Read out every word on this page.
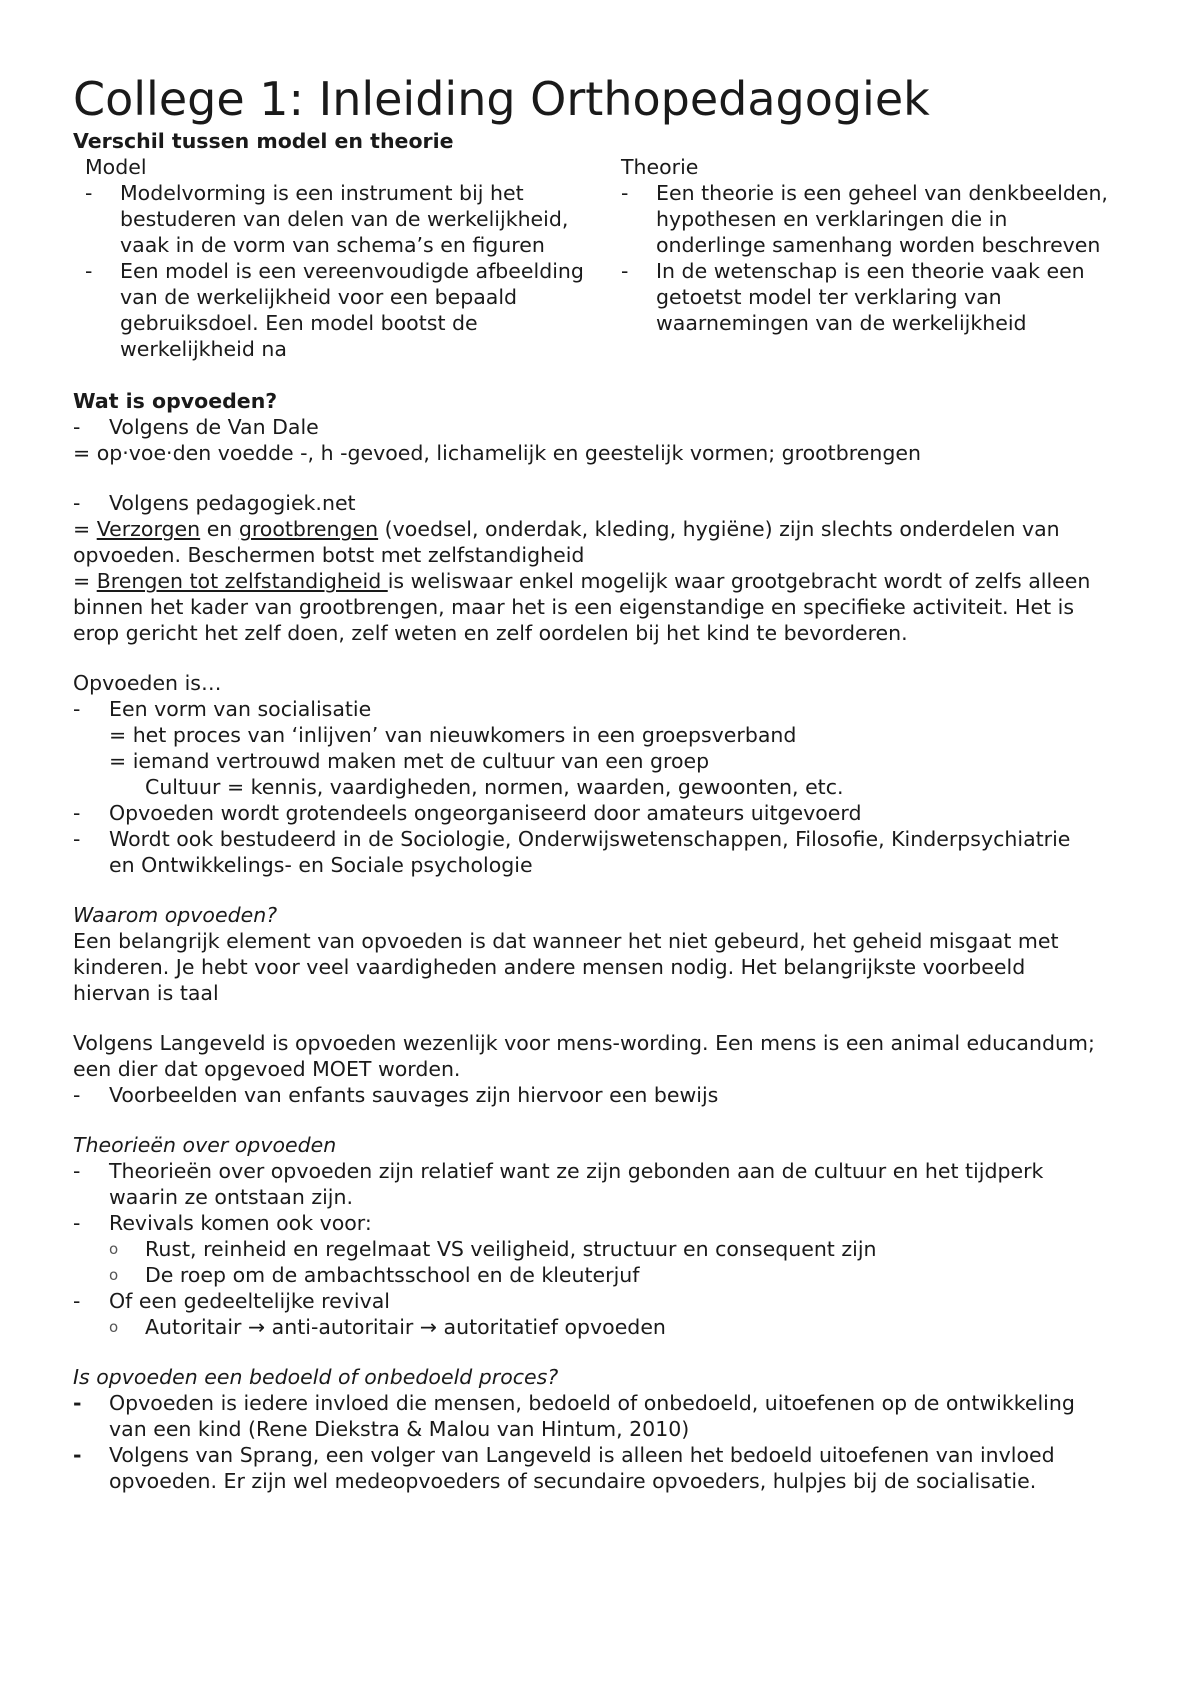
College 1: Inleiding Orthopedagogiek

Verschil tussen model en theorie

Model

-	Modelvorming is een instrument bij het bestuderen van delen van de werkelijkheid, vaak in de vorm van schema’s en figuren
-	Een model is een vereenvoudigde afbeelding van de werkelijkheid voor een bepaald gebruiksdoel. Een model bootst de werkelijkheid na

Theorie

-	Een theorie is een geheel van denkbeelden, hypothesen en verklaringen die in onderlinge samenhang worden beschreven
-	In de wetenschap is een theorie vaak een getoetst model ter verklaring van waarnemingen van de werkelijkheid

Wat is opvoeden?

-	Volgens de Van Dale

= op·voe·den voedde -, h -gevoed, lichamelijk en geestelijk vormen; grootbrengen

-	Volgens pedagogiek.net

= Verzorgen en grootbrengen (voedsel, onderdak, kleding, hygiëne) zijn slechts onderdelen van opvoeden. Beschermen botst met zelfstandigheid

= Brengen tot zelfstandigheid is weliswaar enkel mogelijk waar grootgebracht wordt of zelfs alleen binnen het kader van grootbrengen, maar het is een eigenstandige en specifieke activiteit. Het is erop gericht het zelf doen, zelf weten en zelf oordelen bij het kind te bevorderen.

Opvoeden is…

-	Een vorm van socialisatie

= het proces van ‘inlijven’ van nieuwkomers in een groepsverband

= iemand vertrouwd maken met de cultuur van een groep

Cultuur = kennis, vaardigheden, normen, waarden, gewoonten, etc.

-	Opvoeden wordt grotendeels ongeorganiseerd door amateurs uitgevoerd
-	Wordt ook bestudeerd in de Sociologie, Onderwijswetenschappen, Filosofie, Kinderpsychiatrie en Ontwikkelings- en Sociale psychologie

Waarom opvoeden?

Een belangrijk element van opvoeden is dat wanneer het niet gebeurd, het geheid misgaat met kinderen. Je hebt voor veel vaardigheden andere mensen nodig. Het belangrijkste voorbeeld hiervan is taal

Volgens Langeveld is opvoeden wezenlijk voor mens-wording. Een mens is een animal educandum; een dier dat opgevoed MOET worden.

-	Voorbeelden van enfants sauvages zijn hiervoor een bewijs

Theorieën over opvoeden

-	Theorieën over opvoeden zijn relatief want ze zijn gebonden aan de cultuur en het tijdperk waarin ze ontstaan zijn.
-	Revivals komen ook voor:
o	Rust, reinheid en regelmaat VS veiligheid, structuur en consequent zijn
o	De roep om de ambachtsschool en de kleuterjuf
-	Of een gedeeltelijke revival
o	Autoritair → anti-autoritair → autoritatief opvoeden

Is opvoeden een bedoeld of onbedoeld proces?

-	Opvoeden is iedere invloed die mensen, bedoeld of onbedoeld, uitoefenen op de ontwikkeling van een kind (Rene Diekstra & Malou van Hintum, 2010)
-	Volgens van Sprang, een volger van Langeveld is alleen het bedoeld uitoefenen van invloed opvoeden. Er zijn wel medeopvoeders of secundaire opvoeders, hulpjes bij de socialisatie.
